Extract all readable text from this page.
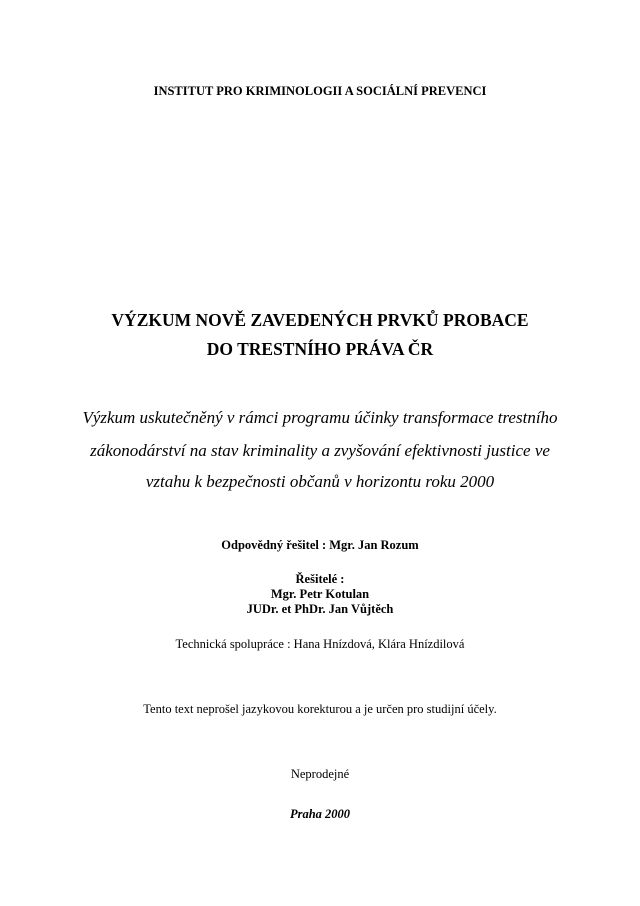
INSTITUT PRO KRIMINOLOGII A SOCIÁLNÍ PREVENCI
VÝZKUM NOVĚ ZAVEDENÝCH PRVKŮ PROBACE
DO TRESTNÍHO PRÁVA ČR
Výzkum uskutečněný v rámci programu účinky transformace trestního
zákonodárství na stav kriminality a zvyšování efektivnosti justice ve
vztahu k bezpečnosti občanů v horizontu roku 2000
Odpovědný řešitel : Mgr. Jan Rozum
Řešitelé :
Mgr. Petr Kotulan
JUDr. et PhDr. Jan Vůjtěch
Technická spolupráce : Hana Hnízdová, Klára Hnízdilová
Tento text neprošel jazykovou korekturou a je určen pro studijní účely.
Neprodejné
Praha 2000
